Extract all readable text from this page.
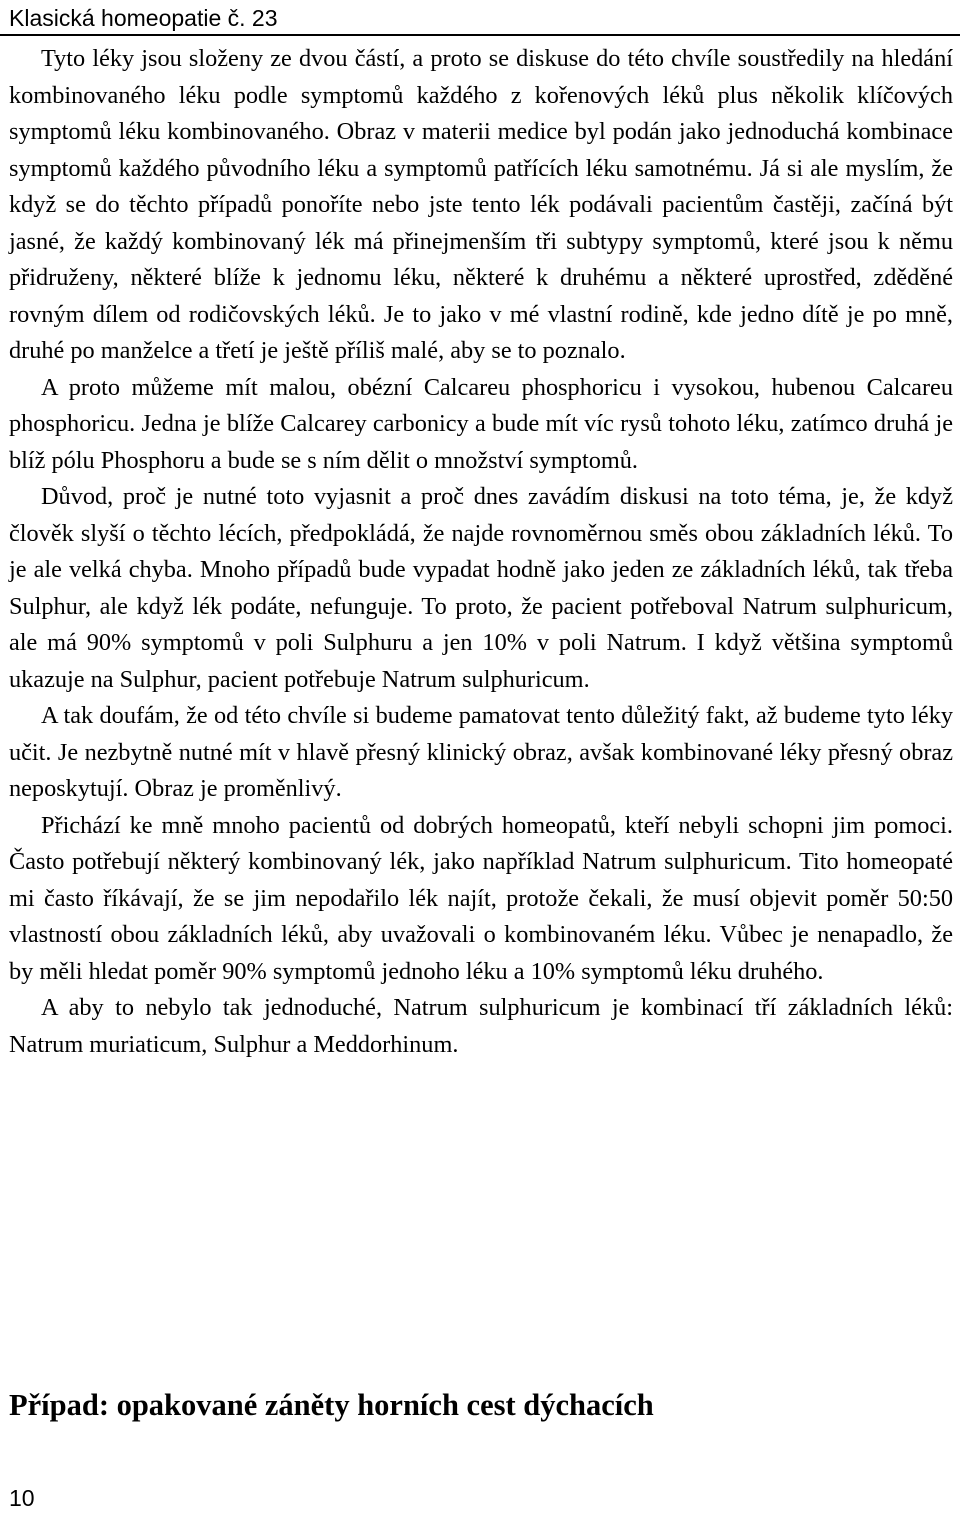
Klasická homeopatie č. 23

Tyto léky jsou složeny ze dvou částí, a proto se diskuse do této chvíle soustředily na hledání kombinovaného léku podle symptomů každého z kořenových léků plus několik klíčových symptomů léku kombinovaného. Obraz v materii medice byl podán jako jednoduchá kombinace symptomů každého původního léku a symptomů patřících léku samotnému. Já si ale myslím, že když se do těchto případů ponoříte nebo jste tento lék podávali pacientům častěji, začíná být jasné, že každý kombinovaný lék má přinejmenším tři subtypy symptomů, které jsou k němu přidruženy, některé blíže k jednomu léku, některé k druhému a některé uprostřed, zděděné rovným dílem od rodičovských léků. Je to jako v mé vlastní rodině, kde jedno dítě je po mně, druhé po manželce a třetí je ještě příliš malé, aby se to poznalo.

A proto můžeme mít malou, obézní Calcareu phosphoricu i vysokou, hubenou Calcareu phosphoricu. Jedna je blíže Calcarey carbonicy a bude mít víc rysů tohoto léku, zatímco druhá je blíž pólu Phosphoru a bude se s ním dělit o množství symptomů.

Důvod, proč je nutné toto vyjasnit a proč dnes zavádím diskusi na toto téma, je, že když člověk slyší o těchto lécích, předpokládá, že najde rovnoměrnou směs obou základních léků. To je ale velká chyba. Mnoho případů bude vypadat hodně jako jeden ze základních léků, tak třeba Sulphur, ale když lék podáte, nefunguje. To proto, že pacient potřeboval Natrum sulphuricum, ale má 90% symptomů v poli Sulphuru a jen 10% v poli Natrum. I když většina symptomů ukazuje na Sulphur, pacient potřebuje Natrum sulphuricum.

A tak doufám, že od této chvíle si budeme pamatovat tento důležitý fakt, až budeme tyto léky učit. Je nezbytně nutné mít v hlavě přesný klinický obraz, avšak kombinované léky přesný obraz neposkytují. Obraz je proměnlivý.

Přichází ke mně mnoho pacientů od dobrých homeopatů, kteří nebyli schopni jim pomoci. Často potřebují některý kombinovaný lék, jako například Natrum sulphuricum. Tito homeopaté mi často říkávají, že se jim nepodařilo lék najít, protože čekali, že musí objevit poměr 50:50 vlastností obou základních léků, aby uvažovali o kombinovaném léku. Vůbec je nenapadlo, že by měli hledat poměr 90% symptomů jednoho léku a 10% symptomů léku druhého.

A aby to nebylo tak jednoduché, Natrum sulphuricum je kombinací tří základních léků: Natrum muriaticum, Sulphur a Meddorhinum.

Případ: opakované záněty horních cest dýchacích
10
